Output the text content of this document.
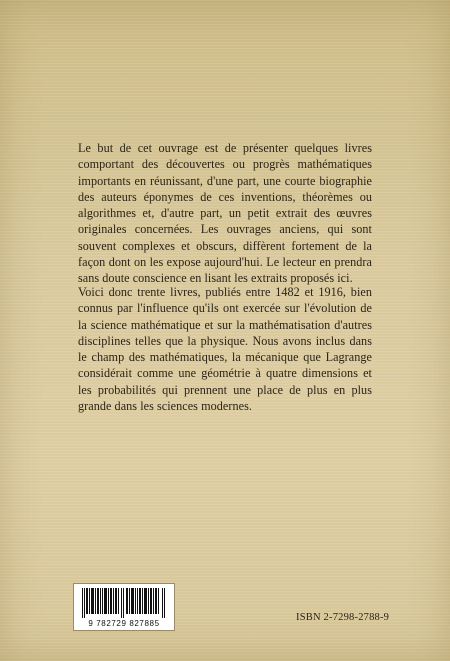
Le but de cet ouvrage est de présenter quelques livres comportant des découvertes ou progrès mathématiques importants en réunissant, d'une part, une courte biographie des auteurs éponymes de ces inventions, théorèmes ou algorithmes et, d'autre part, un petit extrait des œuvres originales concernées. Les ouvrages anciens, qui sont souvent complexes et obscurs, diffèrent fortement de la façon dont on les expose aujourd'hui. Le lecteur en prendra sans doute conscience en lisant les extraits proposés ici.

Voici donc trente livres, publiés entre 1482 et 1916, bien connus par l'influence qu'ils ont exercée sur l'évolution de la science mathématique et sur la mathématisation d'autres disciplines telles que la physique. Nous avons inclus dans le champ des mathématiques, la mécanique que Lagrange considérait comme une géométrie à quatre dimensions et les probabilités qui prennent une place de plus en plus grande dans les sciences modernes.

9 782729 827885
ISBN 2-7298-2788-9
